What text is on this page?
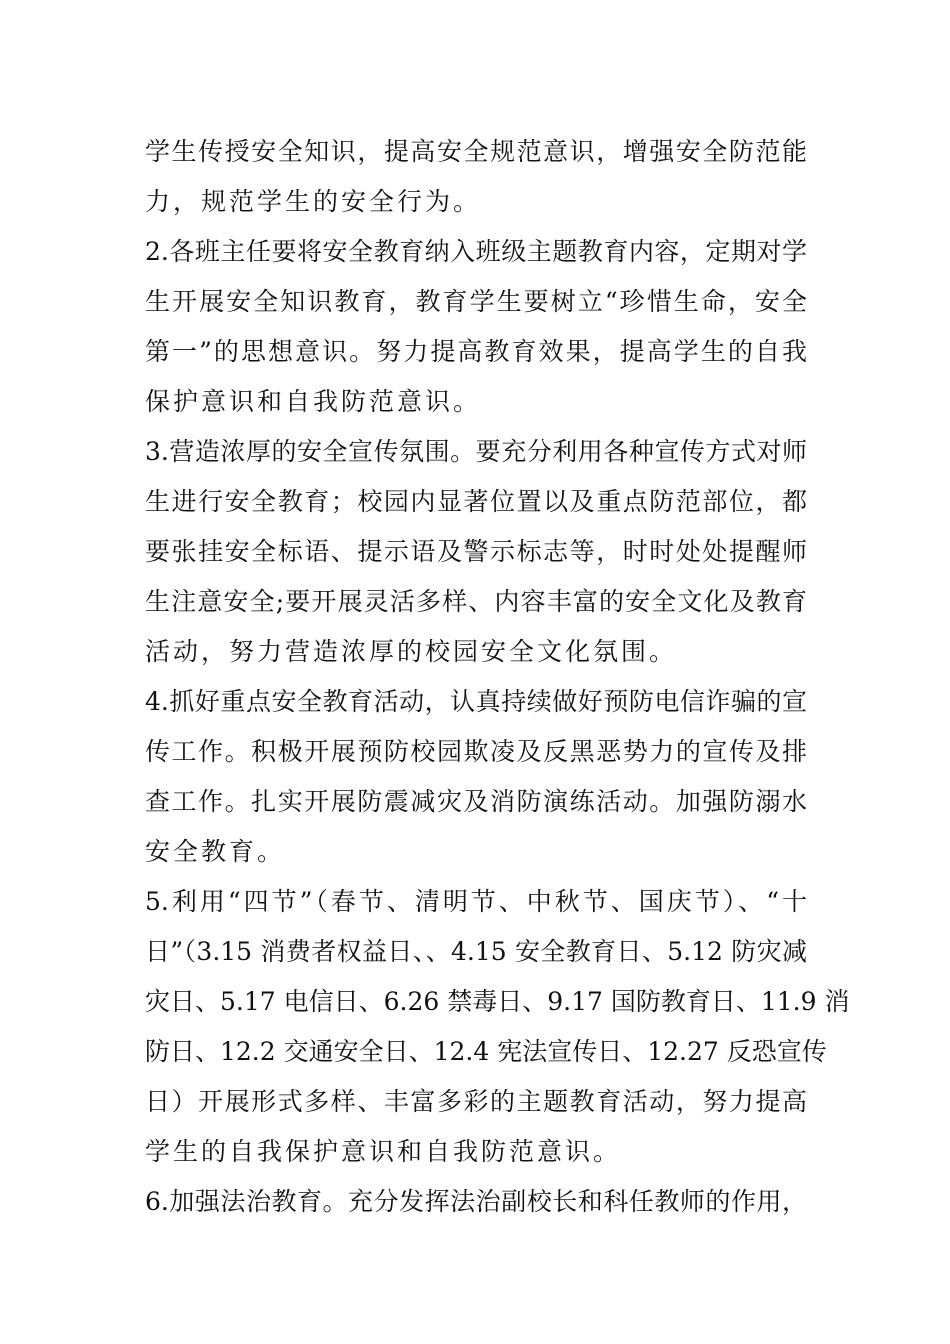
学生传授安全知识，提高安全规范意识，增强安全防范能
力，规范学生的安全行为。
2.各班主任要将安全教育纳入班级主题教育内容，定期对学
生开展安全知识教育，教育学生要树立“珍惜生命，安全
第一”的思想意识。努力提高教育效果，提高学生的自我
保护意识和自我防范意识。
3.营造浓厚的安全宣传氛围。要充分利用各种宣传方式对师
生进行安全教育；校园内显著位置以及重点防范部位，都
要张挂安全标语、提示语及警示标志等，时时处处提醒师
生注意安全;要开展灵活多样、内容丰富的安全文化及教育
活动，努力营造浓厚的校园安全文化氛围。
4.抓好重点安全教育活动，认真持续做好预防电信诈骗的宣
传工作。积极开展预防校园欺凌及反黑恶势力的宣传及排
查工作。扎实开展防震减灾及消防演练活动。加强防溺水
安全教育。
5.利用“四节”（春节、清明节、中秋节、国庆节）、“十
日”（3.15 消费者权益日、、4.15 安全教育日、5.12 防灾减
灾日、5.17 电信日、6.26 禁毒日、9.17 国防教育日、11.9 消
防日、12.2 交通安全日、12.4 宪法宣传日、12.27 反恐宣传
日）开展形式多样、丰富多彩的主题教育活动，努力提高
学生的自我保护意识和自我防范意识。
6.加强法治教育。充分发挥法治副校长和科任教师的作用，
